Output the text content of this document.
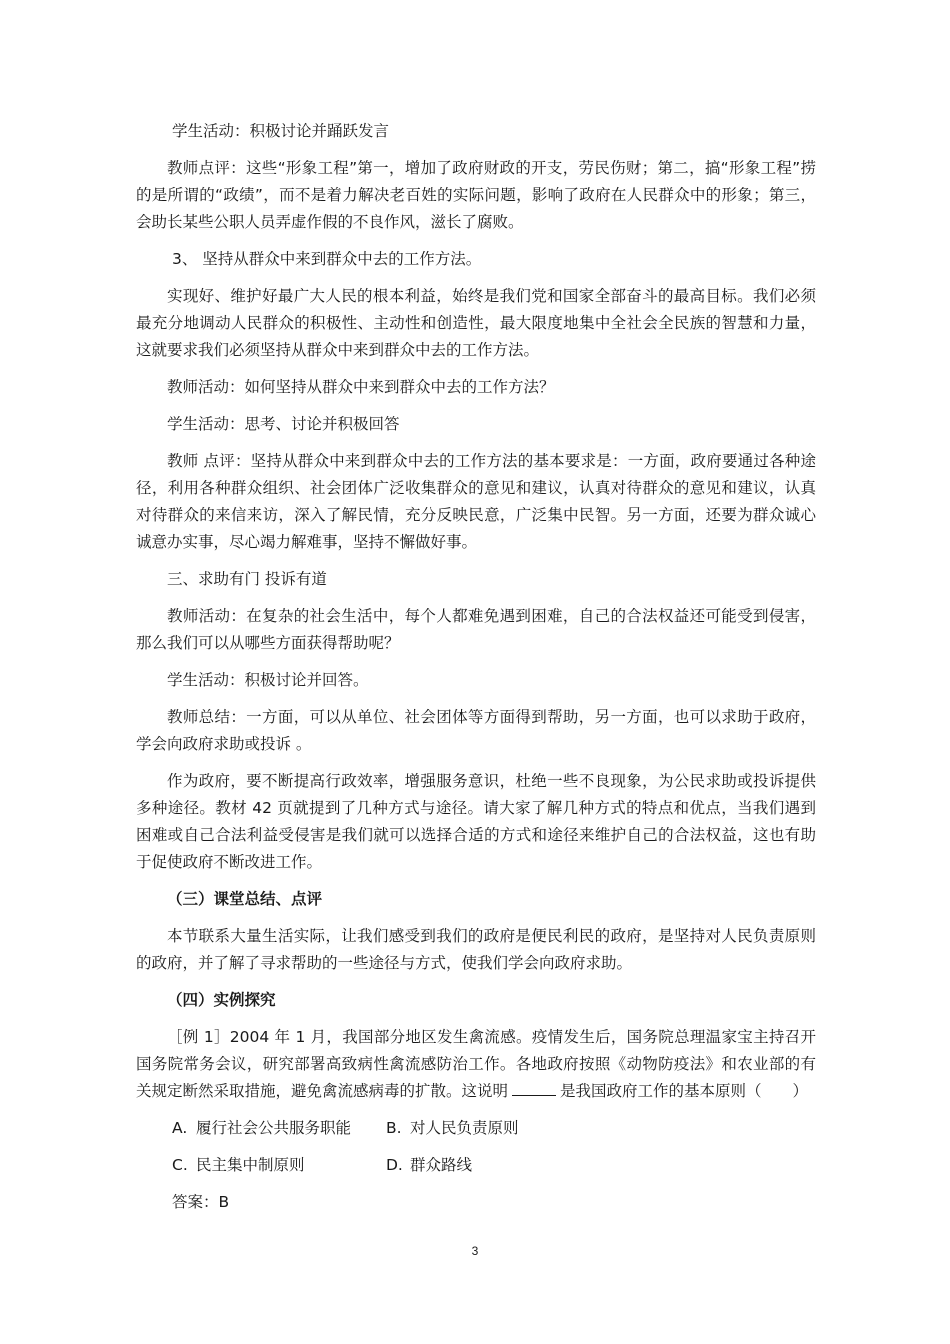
学生活动：积极讨论并踊跃发言

教师点评：这些“形象工程”第一，增加了政府财政的开支，劳民伤财；第二，搞“形象工程”捞的是所谓的“政绩”，而不是着力解决老百姓的实际问题，影响了政府在人民群众中的形象；第三，会助长某些公职人员弄虚作假的不良作风，滋长了腐败。

3、 坚持从群众中来到群众中去的工作方法。

实现好、维护好最广大人民的根本利益，始终是我们党和国家全部奋斗的最高目标。我们必须最充分地调动人民群众的积极性、主动性和创造性，最大限度地集中全社会全民族的智慧和力量，这就要求我们必须坚持从群众中来到群众中去的工作方法。

教师活动：如何坚持从群众中来到群众中去的工作方法？

学生活动：思考、讨论并积极回答

教师 点评：坚持从群众中来到群众中去的工作方法的基本要求是：一方面，政府要通过各种途径，利用各种群众组织、社会团体广泛收集群众的意见和建议，认真对待群众的意见和建议，认真对待群众的来信来访，深入了解民情，充分反映民意，广泛集中民智。另一方面，还要为群众诚心诚意办实事，尽心竭力解难事，坚持不懈做好事。

三、求助有门 投诉有道

教师活动：在复杂的社会生活中，每个人都难免遇到困难，自己的合法权益还可能受到侵害，那么我们可以从哪些方面获得帮助呢？

学生活动：积极讨论并回答。

教师总结：一方面，可以从单位、社会团体等方面得到帮助，另一方面，也可以求助于政府，学会向政府求助或投诉 。

作为政府，要不断提高行政效率，增强服务意识，杜绝一些不良现象，为公民求助或投诉提供多种途径。教材 42 页就提到了几种方式与途径。请大家了解几种方式的特点和优点，当我们遇到困难或自己合法利益受侵害是我们就可以选择合适的方式和途径来维护自己的合法权益，这也有助于促使政府不断改进工作。

（三）课堂总结、点评

本节联系大量生活实际，让我们感受到我们的政府是便民利民的政府，是坚持对人民负责原则的政府，并了解了寻求帮助的一些途径与方式，使我们学会向政府求助。

（四）实例探究

［例 1］2004 年 1 月，我国部分地区发生禽流感。疫情发生后，国务院总理温家宝主持召开国务院常务会议，研究部署高致病性禽流感防治工作。各地政府按照《动物防疫法》和农业部的有关规定断然采取措施，避免禽流感病毒的扩散。这说明	是我国政府工作的基本原则（　　）

A. 履行社会公共服务职能 B. 对人民负责原则
C. 民主集中制原则	D. 群众路线

答案：B

3
